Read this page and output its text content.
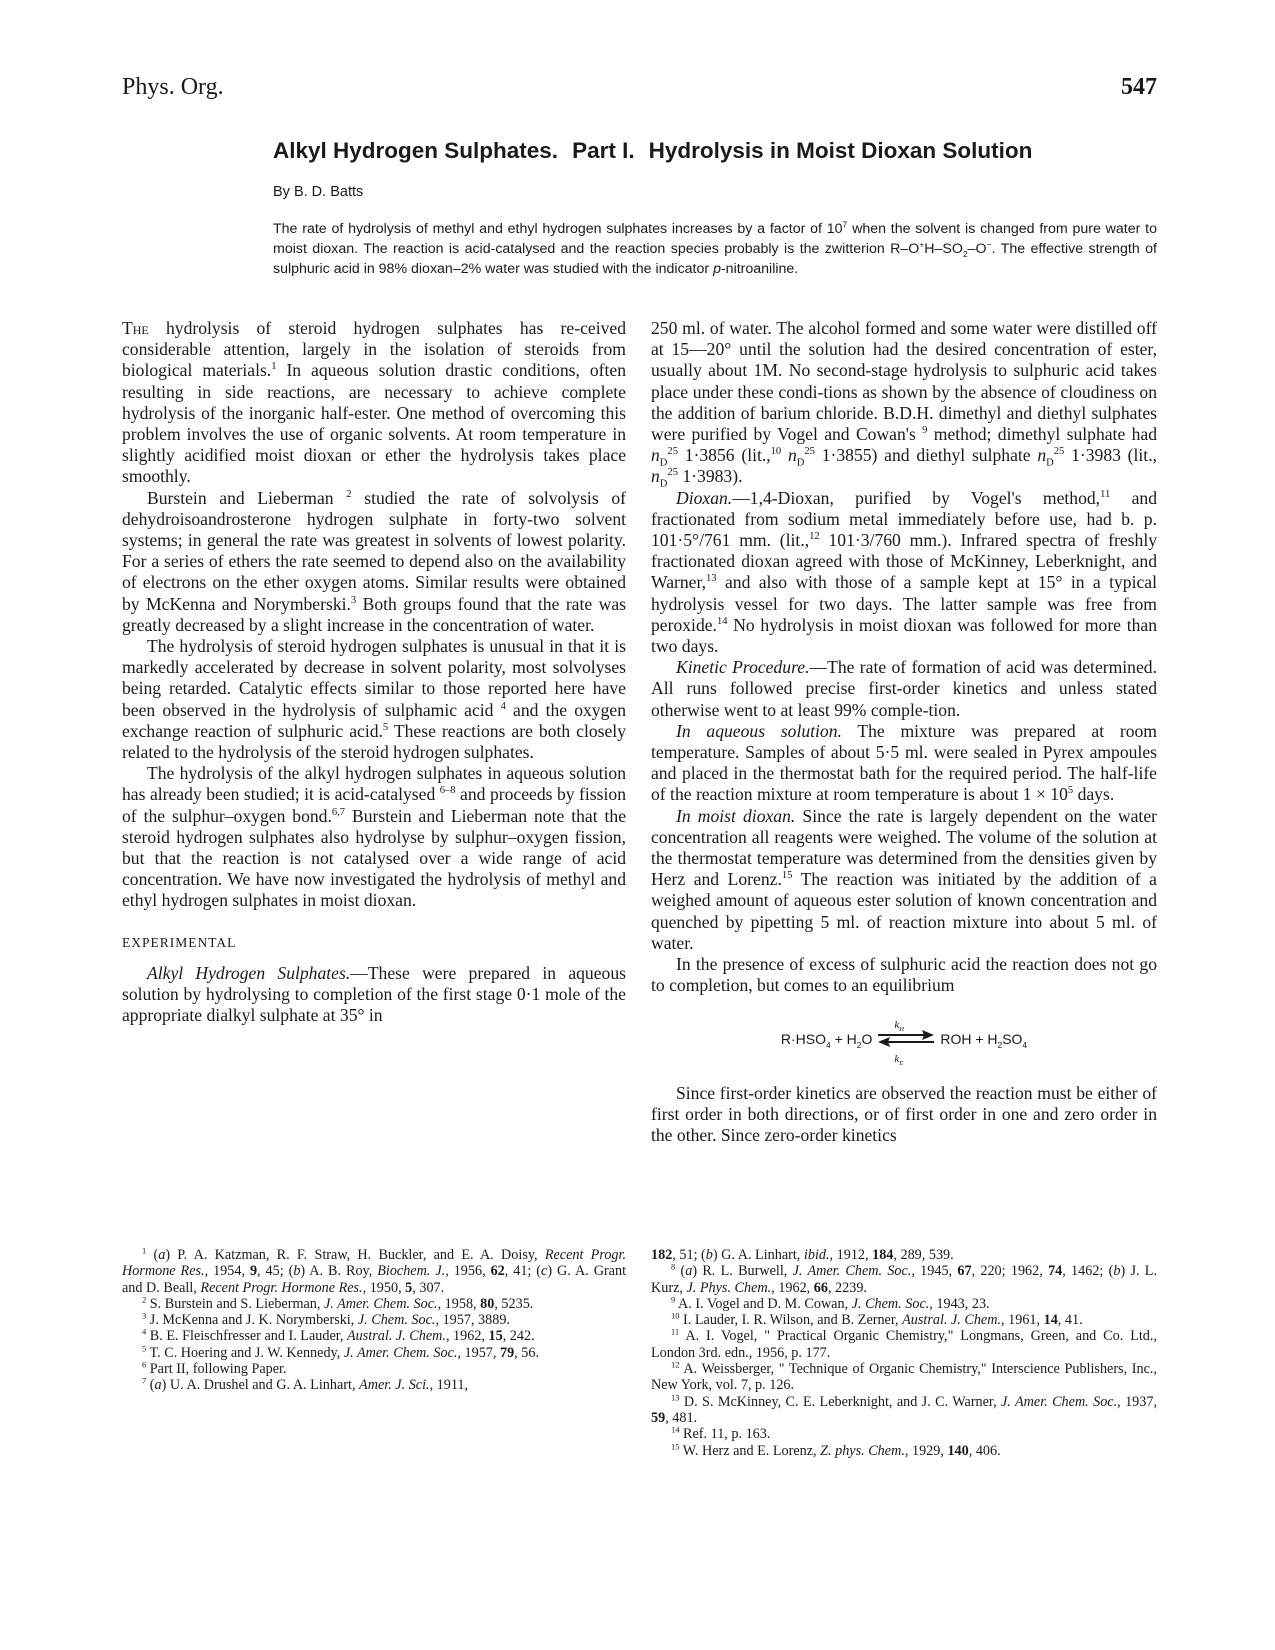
Phys. Org.	547
Alkyl Hydrogen Sulphates. Part I. Hydrolysis in Moist Dioxan Solution
By B. D. Batts
The rate of hydrolysis of methyl and ethyl hydrogen sulphates increases by a factor of $10^7$ when the solvent is changed from pure water to moist dioxan. The reaction is acid-catalysed and the reaction species probably is the zwitterion $R-O^+H-SO_2-O^-$. The effective strength of sulphuric acid in 98% dioxan–2% water was studied with the indicator p-nitroaniline.

The hydrolysis of steroid hydrogen sulphates has re-ceived considerable attention, largely in the isolation of steroids from biological materials.$^1$ In aqueous solution drastic conditions, often resulting in side reactions, are necessary to achieve complete hydrolysis of the inorganic half-ester. One method of overcoming this problem involves the use of organic solvents. At room temperature in slightly acidified moist dioxan or ether the hydrolysis takes place smoothly.

Burstein and Lieberman $^2$ studied the rate of solvolysis of dehydroisoandrosterone hydrogen sulphate in forty-two solvent systems; in general the rate was greatest in solvents of lowest polarity. For a series of ethers the rate seemed to depend also on the availability of electrons on the ether oxygen atoms. Similar results were obtained by McKenna and Norymberski.$^3$ Both groups found that the rate was greatly decreased by a slight increase in the concentration of water.

The hydrolysis of steroid hydrogen sulphates is unusual in that it is markedly accelerated by decrease in solvent polarity, most solvolyses being retarded. Catalytic effects similar to those reported here have been observed in the hydrolysis of sulphamic acid $^4$ and the oxygen exchange reaction of sulphuric acid.$^5$ These reactions are both closely related to the hydrolysis of the steroid hydrogen sulphates.

The hydrolysis of the alkyl hydrogen sulphates in aqueous solution has already been studied; it is acid-catalysed $^{6-8}$ and proceeds by fission of the sulphur–oxygen bond.$^{6,7}$ Burstein and Lieberman note that the steroid hydrogen sulphates also hydrolyse by sulphur–oxygen fission, but that the reaction is not catalysed over a wide range of acid concentration. We have now investigated the hydrolysis of methyl and ethyl hydrogen sulphates in moist dioxan.

EXPERIMENTAL

Alkyl Hydrogen Sulphates.—These were prepared in aqueous solution by hydrolysing to completion of the first stage 0·1 mole of the appropriate dialkyl sulphate at 35° in

250 ml. of water. The alcohol formed and some water were distilled off at 15—20° until the solution had the desired concentration of ester, usually about 1M. No second-stage hydrolysis to sulphuric acid takes place under these condi-tions as shown by the absence of cloudiness on the addition of barium chloride. B.D.H. dimethyl and diethyl sulphates were purified by Vogel and Cowan's $^9$ method; dimethyl sulphate had $n_D^{25}$ 1·3856 (lit.,$^{10}$ $n_D^{25}$ 1·3855) and diethyl sulphate $n_D^{25}$ 1·3983 (lit., $n_D^{25}$ 1·3983).

Dioxan.—1,4-Dioxan, purified by Vogel's method,$^{11}$ and fractionated from sodium metal immediately before use, had b. p. 101·5°/761 mm. (lit.,$^{12}$ 101·3/760 mm.). Infrared spectra of freshly fractionated dioxan agreed with those of McKinney, Leberknight, and Warner,$^{13}$ and also with those of a sample kept at 15° in a typical hydrolysis vessel for two days. The latter sample was free from peroxide.$^{14}$ No hydrolysis in moist dioxan was followed for more than two days.

Kinetic Procedure.—The rate of formation of acid was determined. All runs followed precise first-order kinetics and unless stated otherwise went to at least 99% comple-tion.

In aqueous solution. The mixture was prepared at room temperature. Samples of about 5·5 ml. were sealed in Pyrex ampoules and placed in the thermostat bath for the required period. The half-life of the reaction mixture at room temperature is about $1 \times 10^5$ days.

In moist dioxan. Since the rate is largely dependent on the water concentration all reagents were weighed. The volume of the solution at the thermostat temperature was determined from the densities given by Herz and Lorenz.$^{15}$ The reaction was initiated by the addition of a weighed amount of aqueous ester solution of known concentration and quenched by pipetting 5 ml. of reaction mixture into about 5 ml. of water.

In the presence of excess of sulphuric acid the reaction does not go to completion, but comes to an equilibrium

$R\cdot HSO_4 + H_2O$
$k_H$
$k_E$
ROH + $H_2SO_4$

Since first-order kinetics are observed the reaction must be either of first order in both directions, or of first order in one and zero order in the other. Since zero-order kinetics

$^1$ (a) P. A. Katzman, R. F. Straw, H. Buckler, and E. A. Doisy, Recent Progr. Hormone Res., 1954, 9, 45; (b) A. B. Roy, Biochem. J., 1956, 62, 41; (c) G. A. Grant and D. Beall, Recent Progr. Hormone Res., 1950, 5, 307.

$^2$ S. Burstein and S. Lieberman, J. Amer. Chem. Soc., 1958, 80, 5235.

$^3$ J. McKenna and J. K. Norymberski, J. Chem. Soc., 1957, 3889.

$^4$ B. E. Fleischfresser and I. Lauder, Austral. J. Chem., 1962, 15, 242.

$^5$ T. C. Hoering and J. W. Kennedy, J. Amer. Chem. Soc., 1957, 79, 56.

$^6$ Part II, following Paper.

$^7$ (a) U. A. Drushel and G. A. Linhart, Amer. J. Sci., 1911,

182, 51; (b) G. A. Linhart, ibid., 1912, 184, 289, 539.

$^8$ (a) R. L. Burwell, J. Amer. Chem. Soc., 1945, 67, 220; 1962, 74, 1462; (b) J. L. Kurz, J. Phys. Chem., 1962, 66, 2239.

$^9$ A. I. Vogel and D. M. Cowan, J. Chem. Soc., 1943, 23.

$^{10}$ I. Lauder, I. R. Wilson, and B. Zerner, Austral. J. Chem., 1961, 14, 41.

$^{11}$ A. I. Vogel, " Practical Organic Chemistry," Longmans, Green, and Co. Ltd., London 3rd. edn., 1956, p. 177.

$^{12}$ A. Weissberger, " Technique of Organic Chemistry," Interscience Publishers, Inc., New York, vol. 7, p. 126.

$^{13}$ D. S. McKinney, C. E. Leberknight, and J. C. Warner, J. Amer. Chem. Soc., 1937, 59, 481.

$^{14}$ Ref. 11, p. 163.

$^{15}$ W. Herz and E. Lorenz, Z. phys. Chem., 1929, 140, 406.
